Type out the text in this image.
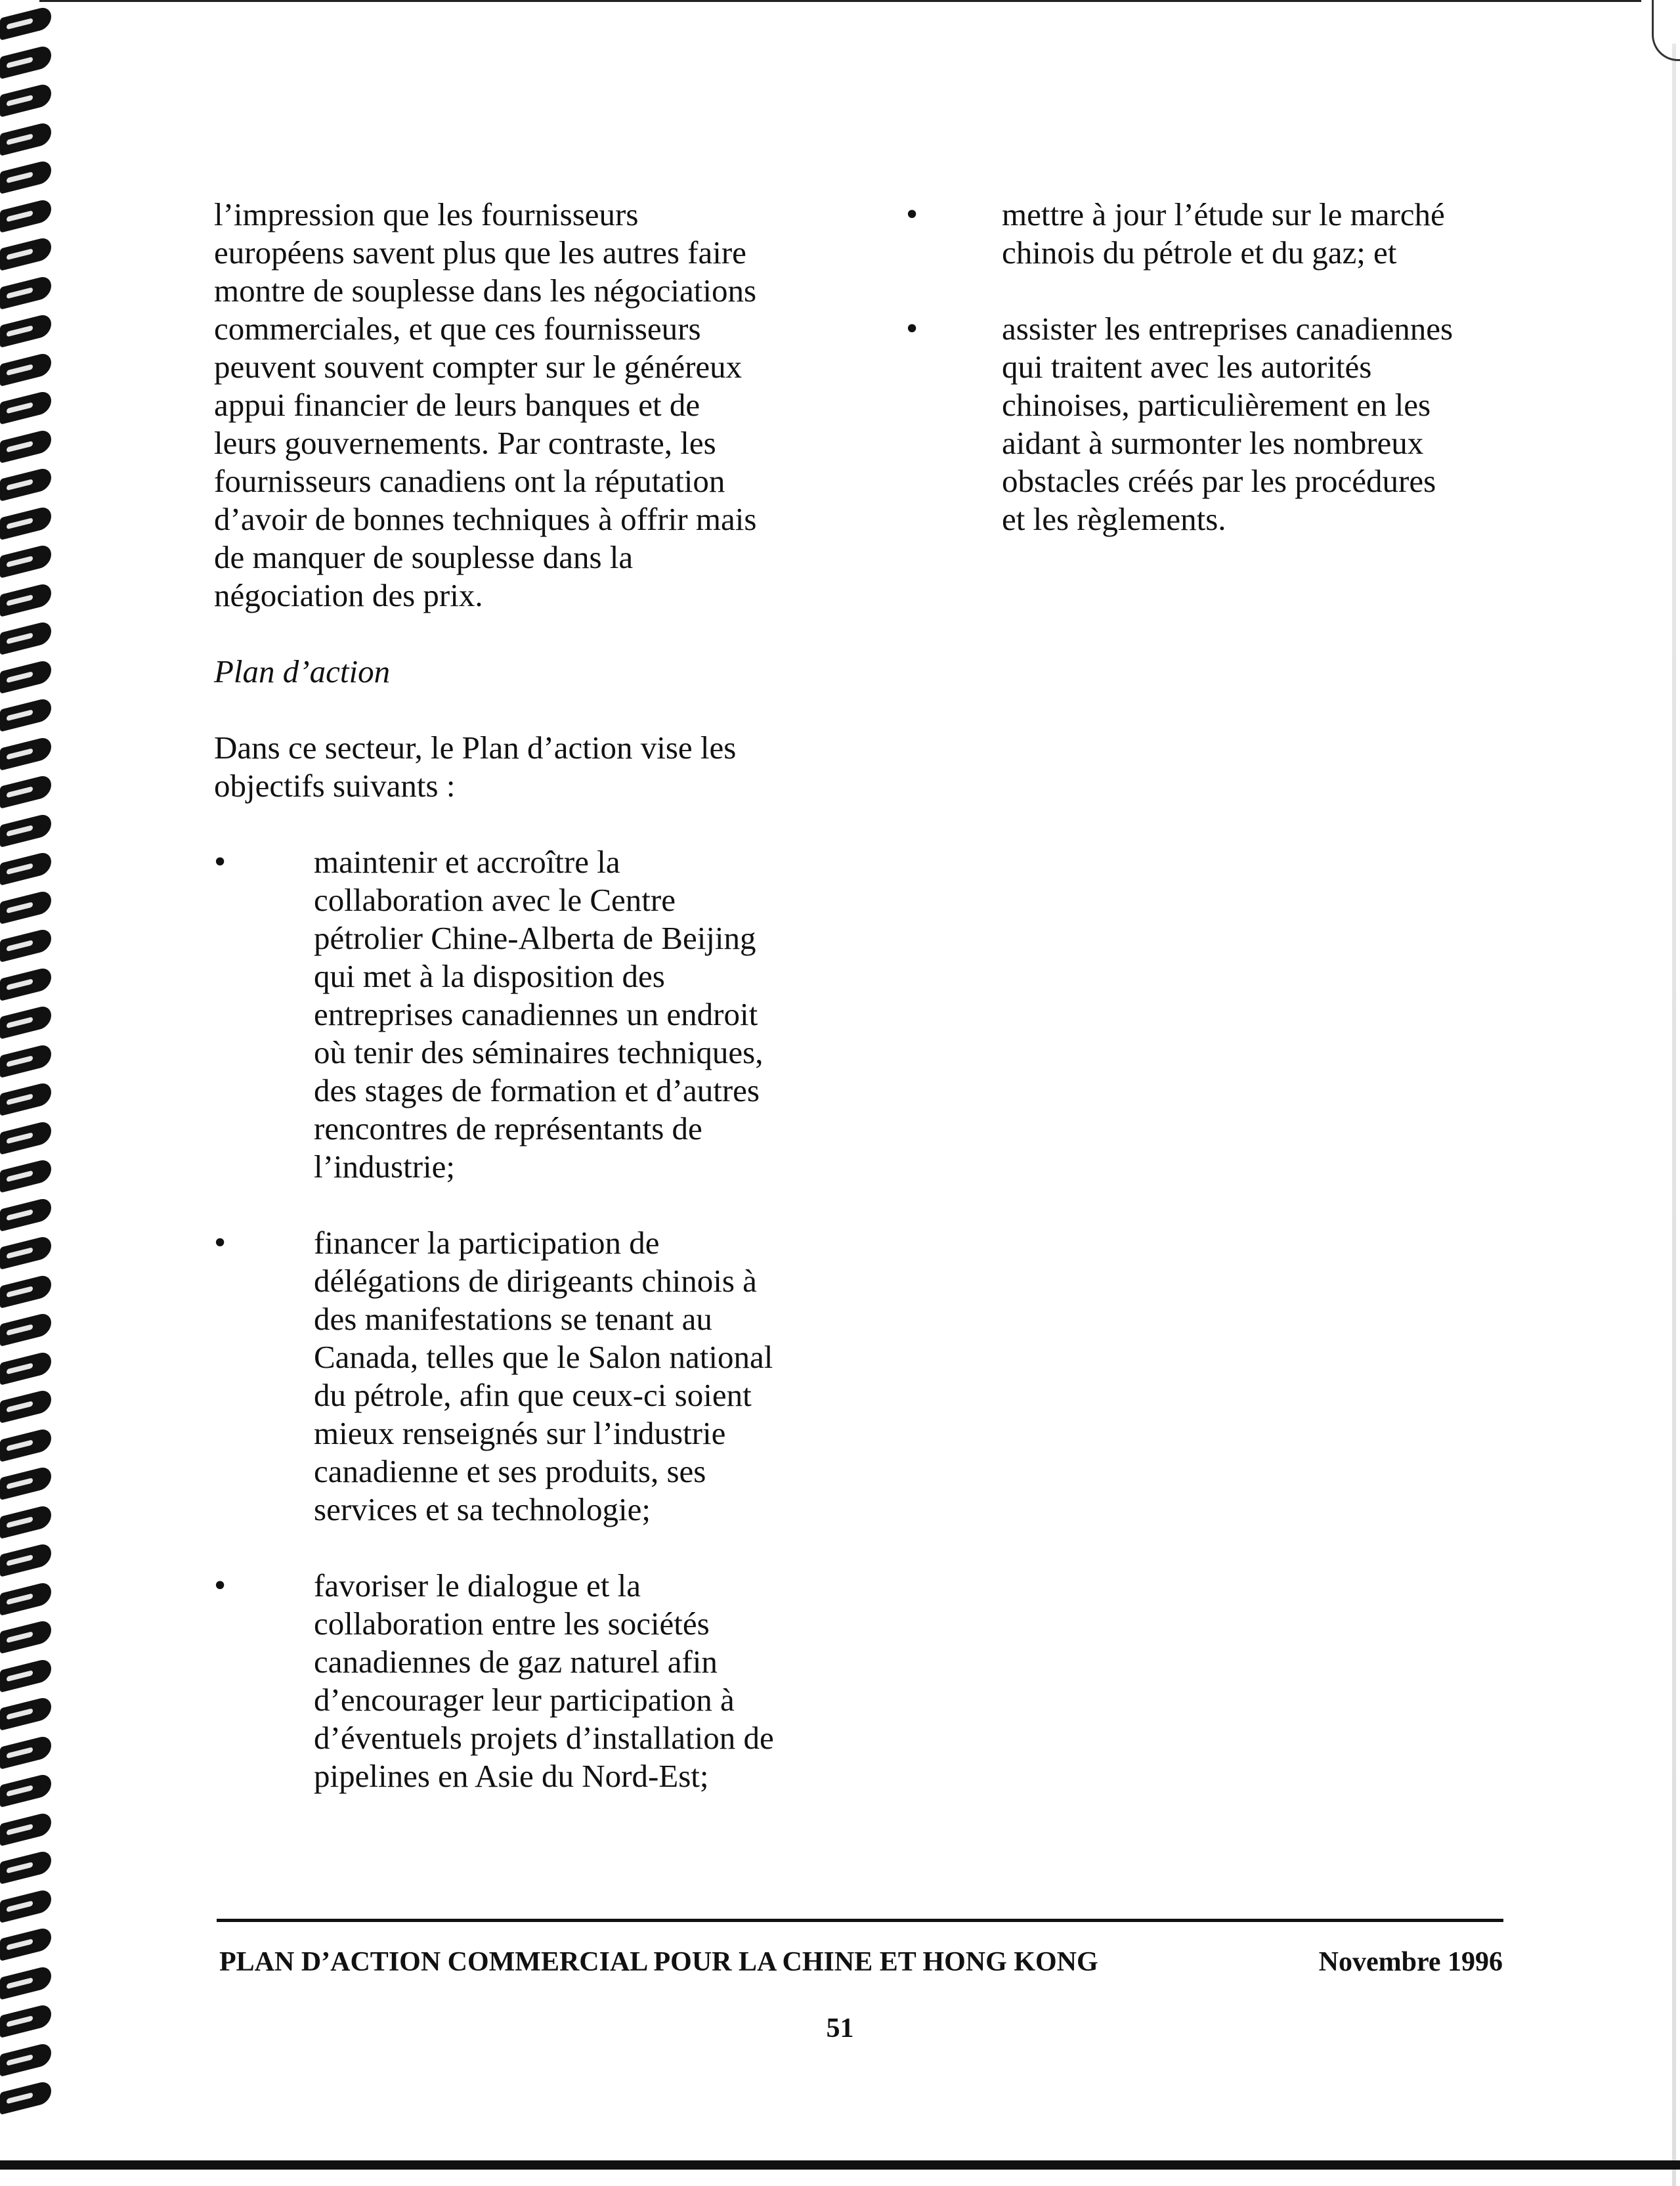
l’impression que les fournisseurs
européens savent plus que les autres faire
montre de souplesse dans les négociations
commerciales, et que ces fournisseurs
peuvent souvent compter sur le généreux
appui financier de leurs banques et de
leurs gouvernements. Par contraste, les
fournisseurs canadiens ont la réputation
d’avoir de bonnes techniques à offrir mais
de manquer de souplesse dans la
négociation des prix.

Plan d’action

Dans ce secteur, le Plan d’action vise les
objectifs suivants :

•	maintenir et accroître la
collaboration avec le Centre
pétrolier Chine-Alberta de Beijing
qui met à la disposition des
entreprises canadiennes un endroit
où tenir des séminaires techniques,
des stages de formation et d’autres
rencontres de représentants de
l’industrie;
•	financer la participation de
délégations de dirigeants chinois à
des manifestations se tenant au
Canada, telles que le Salon national
du pétrole, afin que ceux-ci soient
mieux renseignés sur l’industrie
canadienne et ses produits, ses
services et sa technologie;
•	favoriser le dialogue et la
collaboration entre les sociétés
canadiennes de gaz naturel afin
d’encourager leur participation à
d’éventuels projets d’installation de
pipelines en Asie du Nord-Est;
•	mettre à jour l’étude sur le marché
chinois du pétrole et du gaz; et
•	assister les entreprises canadiennes
qui traitent avec les autorités
chinoises, particulièrement en les
aidant à surmonter les nombreux
obstacles créés par les procédures
et les règlements.
PLAN D’ACTION COMMERCIAL POUR LA CHINE ET HONG KONG	Novembre 1996
51
